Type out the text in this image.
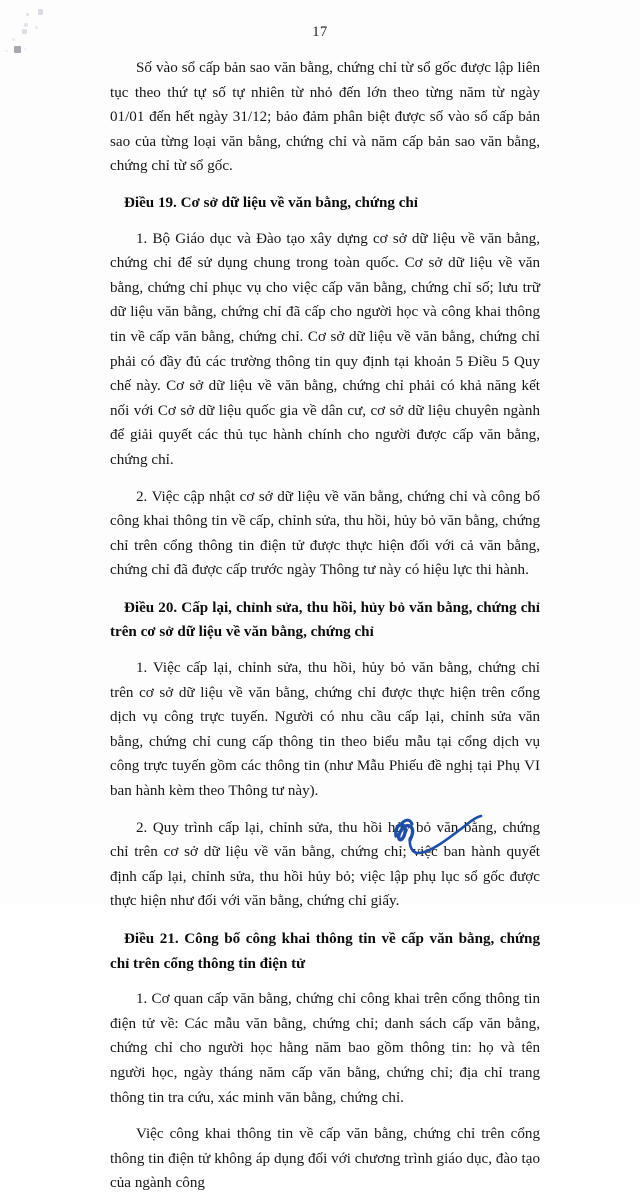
17

Số vào sổ cấp bản sao văn bằng, chứng chỉ từ sổ gốc được lập liên tục theo thứ tự số tự nhiên từ nhỏ đến lớn theo từng năm từ ngày 01/01 đến hết ngày 31/12; bảo đảm phân biệt được số vào sổ cấp bản sao của từng loại văn bằng, chứng chỉ và năm cấp bản sao văn bằng, chứng chỉ từ sổ gốc.

Điều 19. Cơ sở dữ liệu về văn bằng, chứng chỉ

1. Bộ Giáo dục và Đào tạo xây dựng cơ sở dữ liệu về văn bằng, chứng chỉ để sử dụng chung trong toàn quốc. Cơ sở dữ liệu về văn bằng, chứng chỉ phục vụ cho việc cấp văn bằng, chứng chỉ số; lưu trữ dữ liệu văn bằng, chứng chỉ đã cấp cho người học và công khai thông tin về cấp văn bằng, chứng chỉ. Cơ sở dữ liệu về văn bằng, chứng chỉ phải có đầy đủ các trường thông tin quy định tại khoản 5 Điều 5 Quy chế này. Cơ sở dữ liệu về văn bằng, chứng chỉ phải có khả năng kết nối với Cơ sở dữ liệu quốc gia về dân cư, cơ sở dữ liệu chuyên ngành để giải quyết các thủ tục hành chính cho người được cấp văn bằng, chứng chỉ.

2. Việc cập nhật cơ sở dữ liệu về văn bằng, chứng chỉ và công bố công khai thông tin về cấp, chỉnh sửa, thu hồi, hủy bỏ văn bằng, chứng chỉ trên cổng thông tin điện tử được thực hiện đối với cả văn bằng, chứng chỉ đã được cấp trước ngày Thông tư này có hiệu lực thi hành.

Điều 20. Cấp lại, chỉnh sửa, thu hồi, hủy bỏ văn bằng, chứng chỉ trên cơ sở dữ liệu về văn bằng, chứng chỉ

1. Việc cấp lại, chỉnh sửa, thu hồi, hủy bỏ văn bằng, chứng chỉ trên cơ sở dữ liệu về văn bằng, chứng chỉ được thực hiện trên cổng dịch vụ công trực tuyến. Người có nhu cầu cấp lại, chỉnh sửa văn bằng, chứng chỉ cung cấp thông tin theo biểu mẫu tại cổng dịch vụ công trực tuyến gồm các thông tin (như Mẫu Phiếu đề nghị tại Phụ VI ban hành kèm theo Thông tư này).

2. Quy trình cấp lại, chỉnh sửa, thu hồi hủy bỏ văn bằng, chứng chỉ trên cơ sở dữ liệu về văn bằng, chứng chỉ; việc ban hành quyết định cấp lại, chỉnh sửa, thu hồi hủy bỏ; việc lập phụ lục sổ gốc được thực hiện như đối với văn bằng, chứng chỉ giấy.

Điều 21. Công bố công khai thông tin về cấp văn bằng, chứng chỉ trên cổng thông tin điện tử

1. Cơ quan cấp văn bằng, chứng chỉ công khai trên cổng thông tin điện tử về: Các mẫu văn bằng, chứng chỉ; danh sách cấp văn bằng, chứng chỉ cho người học hằng năm bao gồm thông tin: họ và tên người học, ngày tháng năm cấp văn bằng, chứng chỉ; địa chỉ trang thông tin tra cứu, xác minh văn bằng, chứng chỉ.

Việc công khai thông tin về cấp văn bằng, chứng chỉ trên cổng thông tin điện tử không áp dụng đối với chương trình giáo dục, đào tạo của ngành công
